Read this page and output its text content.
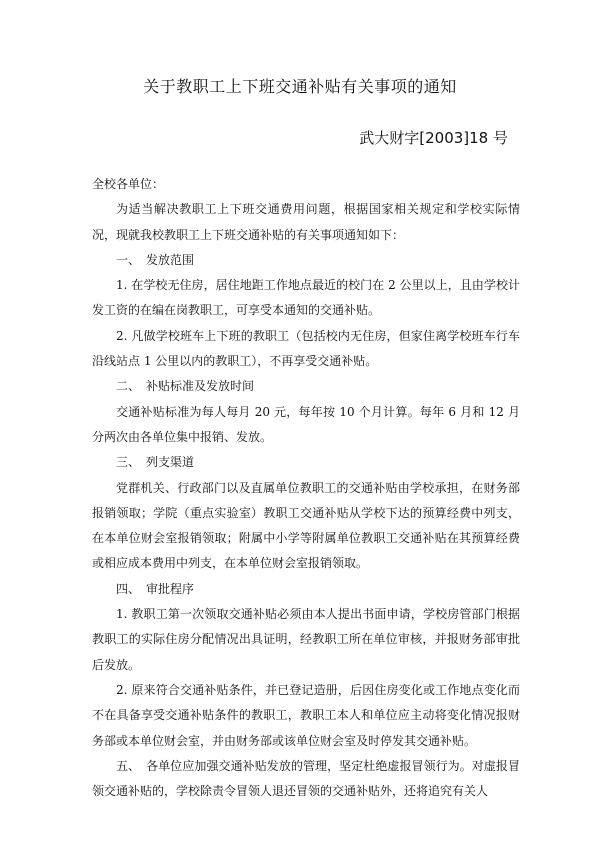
关于教职工上下班交通补贴有关事项的通知
武大财字[2003]18 号

全校各单位：

为适当解决教职工上下班交通费用问题，根据国家相关规定和学校实际情况，现就我校教职工上下班交通补贴的有关事项通知如下：

一、　发放范围

1. 在学校无住房，居住地距工作地点最近的校门在 2 公里以上，且由学校计发工资的在编在岗教职工，可享受本通知的交通补贴。

2. 凡做学校班车上下班的教职工（包括校内无住房，但家住离学校班车行车沿线站点 1 公里以内的教职工），不再享受交通补贴。

二、　补贴标准及发放时间

交通补贴标准为每人每月 20 元，每年按 10 个月计算。每年 6 月和 12 月分两次由各单位集中报销、发放。

三、　列支渠道

党群机关、行政部门以及直属单位教职工的交通补贴由学校承担，在财务部报销领取；学院（重点实验室）教职工交通补贴从学校下达的预算经费中列支，在本单位财会室报销领取；附属中小学等附属单位教职工交通补贴在其预算经费或相应成本费用中列支，在本单位财会室报销领取。

四、　审批程序

1. 教职工第一次领取交通补贴必须由本人提出书面申请，学校房管部门根据教职工的实际住房分配情况出具证明，经教职工所在单位审核，并报财务部审批后发放。

2. 原来符合交通补贴条件，并已登记造册，后因住房变化或工作地点变化而不在具备享受交通补贴条件的教职工，教职工本人和单位应主动将变化情况报财务部或本单位财会室，并由财务部或该单位财会室及时停发其交通补贴。

五、　各单位应加强交通补贴发放的管理，坚定杜绝虚报冒领行为。对虚报冒领交通补贴的，学校除责令冒领人退还冒领的交通补贴外，还将追究有关人
